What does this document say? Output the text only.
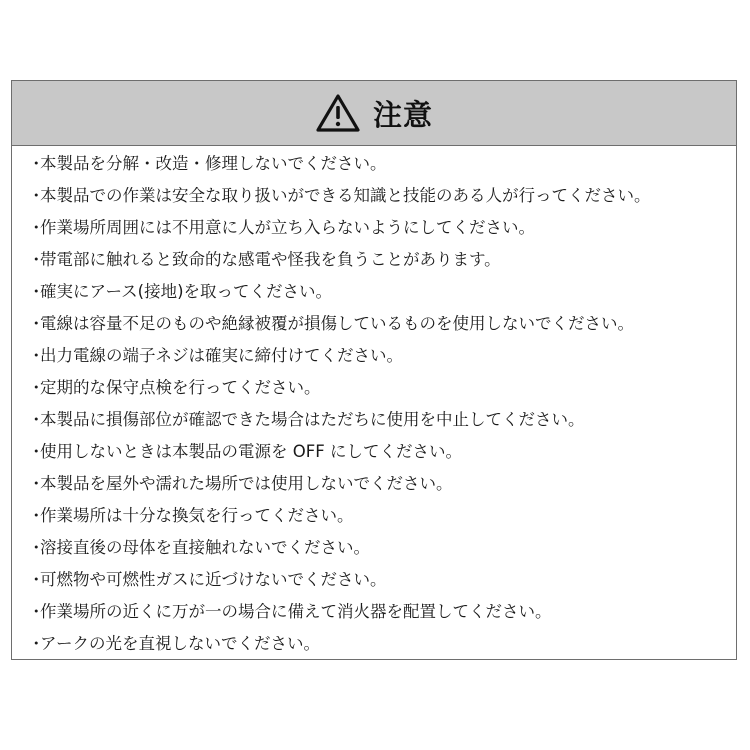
注意
・
本製品を分解・改造・修理しないでください。
・
本製品での作業は安全な取り扱いができる知識と技能のある人が行ってください。
・
作業場所周囲には不用意に人が立ち入らないようにしてください。
・
帯電部に触れると致命的な感電や怪我を負うことがあります。
・
確実にアース(接地)を取ってください。
・
電線は容量不足のものや絶縁被覆が損傷しているものを使用しないでください。
・
出力電線の端子ネジは確実に締付けてください。
・
定期的な保守点検を行ってください。
・
本製品に損傷部位が確認できた場合はただちに使用を中止してください。
・
使用しないときは本製品の電源を OFF にしてください。
・
本製品を屋外や濡れた場所では使用しないでください。
・
作業場所は十分な換気を行ってください。
・
溶接直後の母体を直接触れないでください。
・
可燃物や可燃性ガスに近づけないでください。
・
作業場所の近くに万が一の場合に備えて消火器を配置してください。
・
アークの光を直視しないでください。
